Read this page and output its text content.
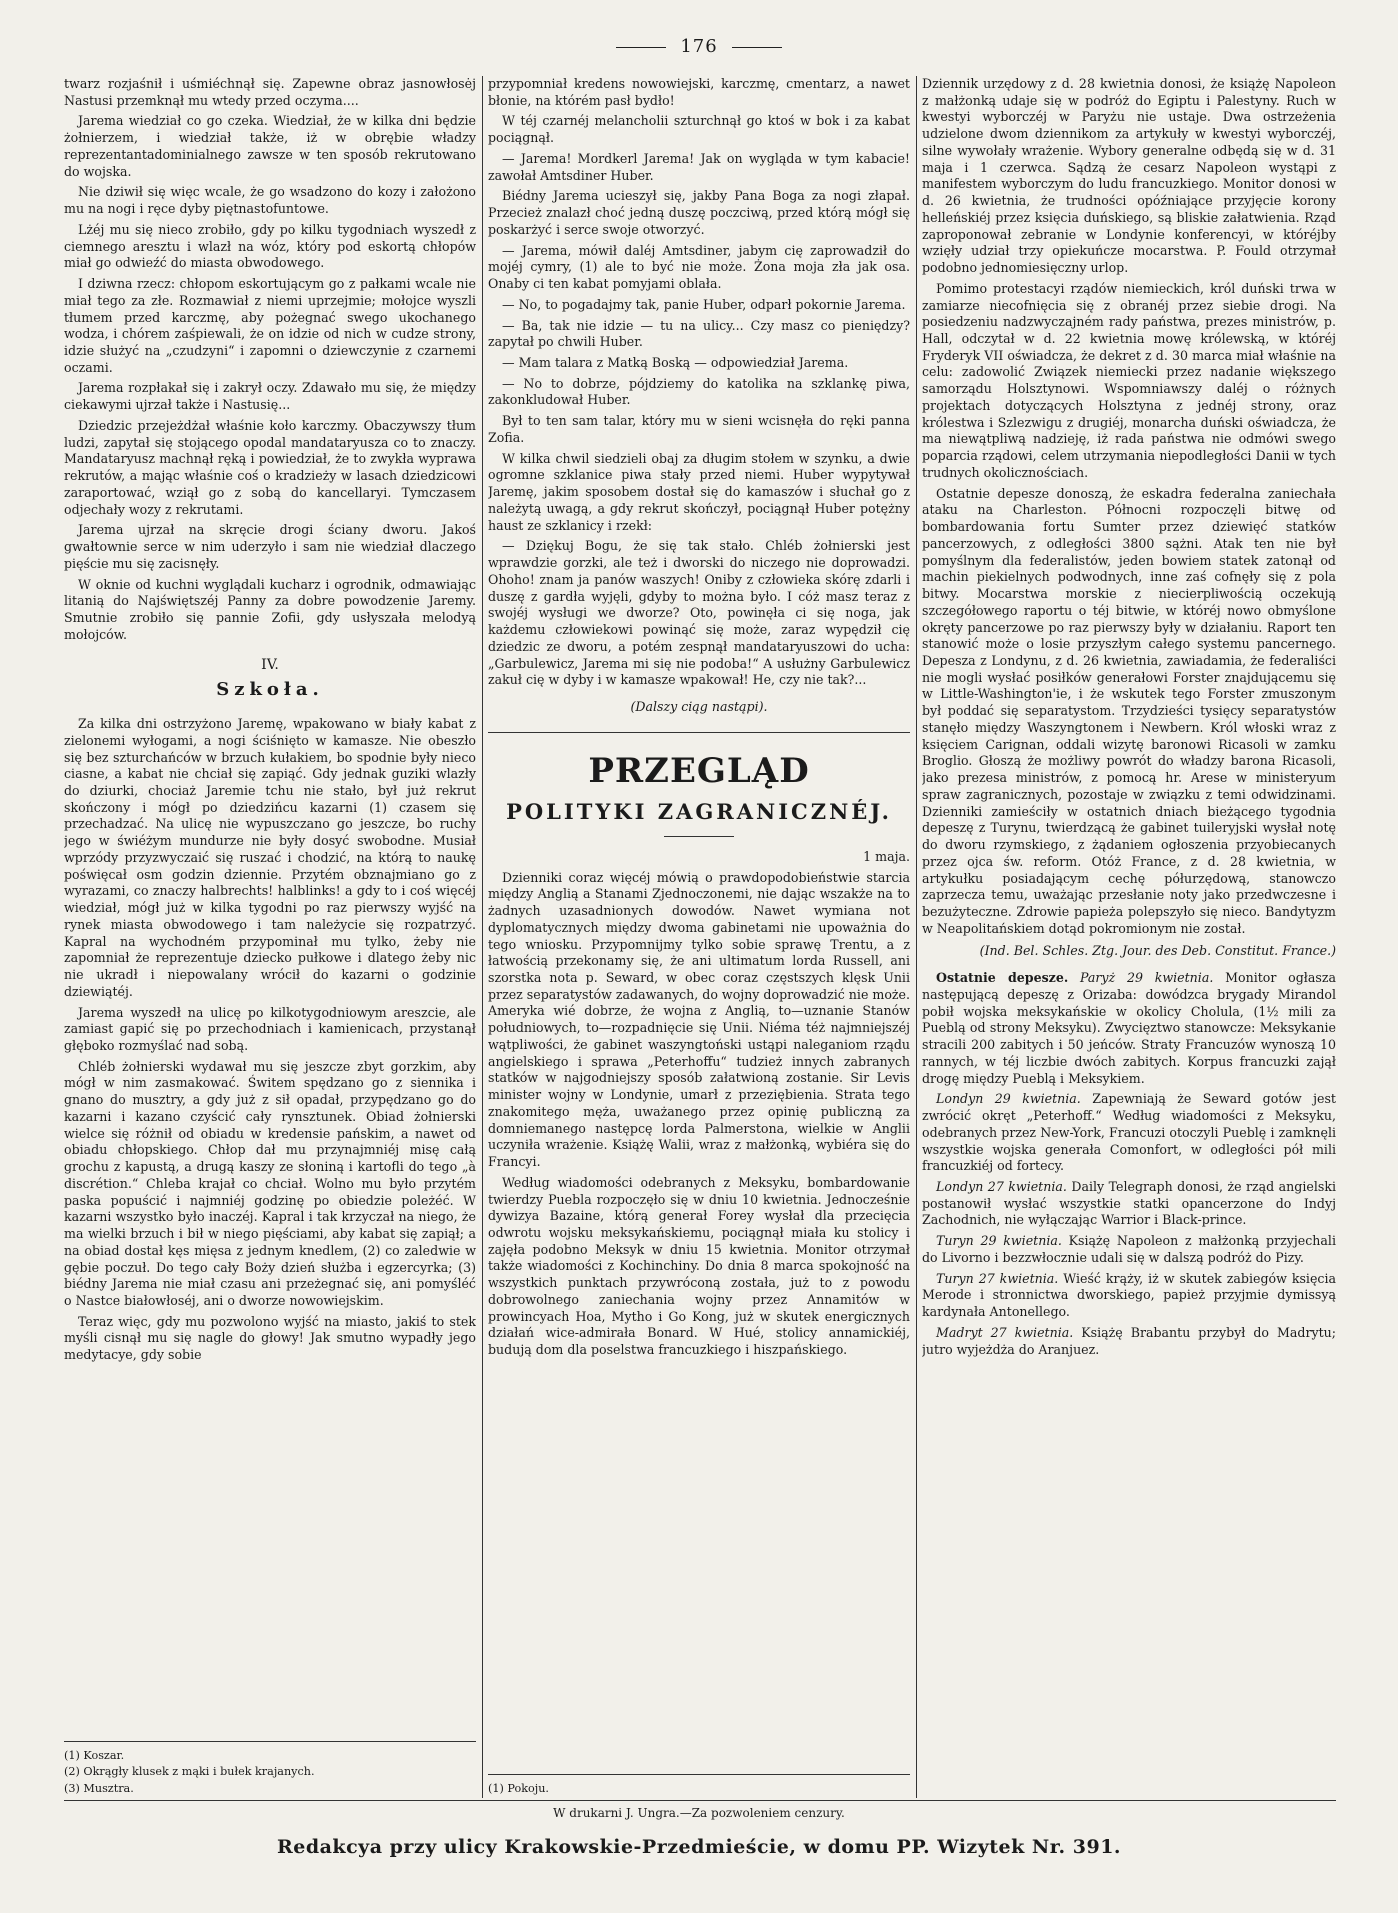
176

twarz rozjaśnił i uśmiéchnął się. Zapewne obraz jasnowłosėj Nastusi przemknął mu wtedy przed oczyma....

Jarema wiedział co go czeka. Wiedział, że w kilka dni będzie żołnierzem, i wiedział także, iż w obrębie władzy reprezentantadominialnego zawsze w ten sposób rekrutowano do wojska.

Nie dziwił się więc wcale, że go wsadzono do kozy i założono mu na nogi i ręce dyby piętnastofuntowe.

Lżéj mu się nieco zrobiło, gdy po kilku tygodniach wyszedł z ciemnego aresztu i wlazł na wóz, który pod eskortą chłopów miał go odwieźć do miasta obwodowego.

I dziwna rzecz: chłopom eskortującym go z pałkami wcale nie miał tego za złe. Rozmawiał z niemi uprzejmie; mołojce wyszli tłumem przed karczmę, aby pożegnać swego ukochanego wodza, i chórem zaśpiewali, że on idzie od nich w cudze strony, idzie służyć na „czudzyni“ i zapomni o dziewczynie z czarnemi oczami.

Jarema rozpłakał się i zakrył oczy. Zdawało mu się, że między ciekawymi ujrzał także i Nastusię...

Dziedzic przejeżdżał właśnie koło karczmy. Obaczywszy tłum ludzi, zapytał się stojącego opodal mandataryusza co to znaczy. Mandataryusz machnął ręką i powiedział, że to zwykła wyprawa rekrutów, a mając właśnie coś o kradzieży w lasach dziedzicowi zaraportować, wziął go z sobą do kancellaryi. Tymczasem odjechały wozy z rekrutami.

Jarema ujrzał na skręcie drogi ściany dworu. Jakoś gwałtownie serce w nim uderzyło i sam nie wiedział dlaczego pięście mu się zacisnęły.

W oknie od kuchni wyglądali kucharz i ogrodnik, odmawiając litanią do Najświętszéj Panny za dobre powodzenie Jaremy. Smutnie zrobiło się pannie Zofii, gdy usłyszała melodyą mołojców.

IV.
Szkoła.

Za kilka dni ostrzyżono Jaremę, wpakowano w biały kabat z zielonemi wyłogami, a nogi ściśnięto w kamasze. Nie obeszło się bez szturchańców w brzuch kułakiem, bo spodnie były nieco ciasne, a kabat nie chciał się zapiąć. Gdy jednak guziki wlazły do dziurki, chociaż Jaremie tchu nie stało, był już rekrut skończony i mógł po dziedzińcu kazarni (1) czasem się przechadzać. Na ulicę nie wypuszczano go jeszcze, bo ruchy jego w świéżym mundurze nie były dosyć swobodne. Musiał wprzódy przyzwyczaić się ruszać i chodzić, na którą to naukę poświęcał osm godzin dziennie. Przytém obznajmiano go z wyrazami, co znaczy halbrechts! halblinks! a gdy to i coś więcéj wiedział, mógł już w kilka tygodni po raz pierwszy wyjść na rynek miasta obwodowego i tam należycie się rozpatrzyć. Kapral na wychodném przypominał mu tylko, żeby nie zapomniał że reprezentuje dziecko pułkowe i dlatego żeby nic nie ukradł i niepowalany wrócił do kazarni o godzinie dziewiątéj.

Jarema wyszedł na ulicę po kilkotygodniowym areszcie, ale zamiast gapić się po przechodniach i kamienicach, przystanął głęboko rozmyślać nad sobą.

Chléb żołnierski wydawał mu się jeszcze zbyt gorzkim, aby mógł w nim zasmakować. Świtem spędzano go z siennika i gnano do musztry, a gdy już z sił opadał, przypędzano go do kazarni i kazano czyścić cały rynsztunek. Obiad żołnierski wielce się różnił od obiadu w kredensie pańskim, a nawet od obiadu chłopskiego. Chłop dał mu przynajmniéj misę całą grochu z kapustą, a drugą kaszy ze słoniną i kartofli do tego „à discrétion.“ Chleba krajał co chciał. Wolno mu było przytém paska popuścić i najmniéj godzinę po obiedzie poleżéć. W kazarni wszystko było inaczéj. Kapral i tak krzyczał na niego, że ma wielki brzuch i bił w niego pięściami, aby kabat się zapiął; a na obiad dostał kęs mięsa z jednym knedlem, (2) co zaledwie w gębie poczuł. Do tego cały Boży dzień służba i egzercyrka; (3) biédny Jarema nie miał czasu ani przeżegnać się, ani pomyśléć o Nastce białowłoséj, ani o dworze nowowiejskim.

Teraz więc, gdy mu pozwolono wyjść na miasto, jakiś to stek myśli cisnął mu się nagle do głowy! Jak smutno wypadły jego medytacye, gdy sobie

(1) Koszar.
(2) Okrągły klusek z mąki i bułek krajanych.
(3) Musztra.

przypomniał kredens nowowiejski, karczmę, cmentarz, a nawet błonie, na którém pasł bydło!

W téj czarnéj melancholii szturchnął go ktoś w bok i za kabat pociągnął.

— Jarema! Mordkerl Jarema! Jak on wygląda w tym kabacie! zawołał Amtsdiner Huber.

Biédny Jarema ucieszył się, jakby Pana Boga za nogi złapał. Przecież znalazł choć jedną duszę poczciwą, przed którą mógł się poskarżyć i serce swoje otworzyć.

— Jarema, mówił daléj Amtsdiner, jabym cię zaprowadził do mojéj cymry, (1) ale to być nie może. Żona moja zła jak osa. Onaby ci ten kabat pomyjami oblała.

— No, to pogadajmy tak, panie Huber, odparł pokornie Jarema.

— Ba, tak nie idzie — tu na ulicy... Czy masz co pieniędzy? zapytał po chwili Huber.

— Mam talara z Matką Boską — odpowiedział Jarema.

— No to dobrze, pójdziemy do katolika na szklankę piwa, zakonkludował Huber.

Był to ten sam talar, który mu w sieni wcisnęła do ręki panna Zofia.

W kilka chwil siedzieli obaj za długim stołem w szynku, a dwie ogromne szklanice piwa stały przed niemi. Huber wypytywał Jaremę, jakim sposobem dostał się do kamaszów i słuchał go z należytą uwagą, a gdy rekrut skończył, pociągnął Huber potężny haust ze szklanicy i rzekł:

— Dziękuj Bogu, że się tak stało. Chléb żołnierski jest wprawdzie gorzki, ale też i dworski do niczego nie doprowadzi. Ohoho! znam ja panów waszych! Oniby z człowieka skórę zdarli i duszę z gardła wyjęli, gdyby to można było. I cóż masz teraz z swojéj wysługi we dworze? Oto, powinęła ci się noga, jak każdemu człowiekowi powinąć się może, zaraz wypędził cię dziedzic ze dworu, a potém zespnął mandataryuszowi do ucha: „Garbulewicz, Jarema mi się nie podoba!“ A usłużny Garbulewicz zakuł cię w dyby i w kamasze wpakował! He, czy nie tak?...

(Dalszy ciąg nastąpi).
PRZEGLĄD
POLITYKI ZAGRANICZNÉJ.
1 maja.

Dzienniki coraz więcéj mówią o prawdopodobieństwie starcia między Anglią a Stanami Zjednoczonemi, nie dając wszakże na to żadnych uzasadnionych dowodów. Nawet wymiana not dyplomatycznych między dwoma gabinetami nie upoważnia do tego wniosku. Przypomnijmy tylko sobie sprawę Trentu, a z łatwością przekonamy się, że ani ultimatum lorda Russell, ani szorstka nota p. Seward, w obec coraz częstszych klęsk Unii przez separatystów zadawanych, do wojny doprowadzić nie może. Ameryka wié dobrze, że wojna z Anglią, to—uznanie Stanów południowych, to—rozpadnięcie się Unii. Niéma téż najmniejszéj wątpliwości, że gabinet waszyngtoński ustąpi naleganiom rządu angielskiego i sprawa „Peterhoffu“ tudzież innych zabranych statków w najgodniejszy sposób załatwioną zostanie. Sir Levis minister wojny w Londynie, umarł z przeziębienia. Strata tego znakomitego męża, uważanego przez opinię publiczną za domniemanego następcę lorda Palmerstona, wielkie w Anglii uczyniła wrażenie. Książę Walii, wraz z małżonką, wybiéra się do Francyi.

Według wiadomości odebranych z Meksyku, bombardowanie twierdzy Puebla rozpoczęło się w dniu 10 kwietnia. Jednocześnie dywizya Bazaine, którą generał Forey wysłał dla przecięcia odwrotu wojsku meksykańskiemu, pociągnął miała ku stolicy i zajęła podobno Meksyk w dniu 15 kwietnia. Monitor otrzymał także wiadomości z Kochinchiny. Do dnia 8 marca spokojność na wszystkich punktach przywróconą została, już to z powodu dobrowolnego zaniechania wojny przez Annamitów w prowincyach Hoa, Mytho i Go Kong, już w skutek energicznych działań wice-admirała Bonard. W Hué, stolicy annamickiéj, budują dom dla poselstwa francuzkiego i hiszpańskiego.

(1) Pokoju.

Dziennik urzędowy z d. 28 kwietnia donosi, że książę Napoleon z małżonką udaje się w podróż do Egiptu i Palestyny. Ruch w kwestyi wyborczéj w Paryżu nie ustaje. Dwa ostrzeżenia udzielone dwom dziennikom za artykuły w kwestyi wyborczéj, silne wywołały wrażenie. Wybory generalne odbędą się w d. 31 maja i 1 czerwca. Sądzą że cesarz Napoleon wystąpi z manifestem wyborczym do ludu francuzkiego. Monitor donosi w d. 26 kwietnia, że trudności opóźniające przyjęcie korony helleńskiéj przez księcia duńskiego, są bliskie załatwienia. Rząd zaproponował zebranie w Londynie konferencyi, w któréjby wzięły udział trzy opiekuńcze mocarstwa. P. Fould otrzymał podobno jednomiesięczny urlop.

Pomimo protestacyi rządów niemieckich, król duński trwa w zamiarze niecofnięcia się z obranéj przez siebie drogi. Na posiedzeniu nadzwyczajném rady państwa, prezes ministrów, p. Hall, odczytał w d. 22 kwietnia mowę królewską, w któréj Fryderyk VII oświadcza, że dekret z d. 30 marca miał właśnie na celu: zadowolić Związek niemiecki przez nadanie większego samorządu Holsztynowi. Wspomniawszy daléj o różnych projektach dotyczących Holsztyna z jednéj strony, oraz królestwa i Szlezwigu z drugiéj, monarcha duński oświadcza, że ma niewątpliwą nadzieję, iż rada państwa nie odmówi swego poparcia rządowi, celem utrzymania niepodległości Danii w tych trudnych okolicznościach.

Ostatnie depesze donoszą, że eskadra federalna zaniechała ataku na Charleston. Północni rozpoczęli bitwę od bombardowania fortu Sumter przez dziewięć statków pancerzowych, z odległości 3800 sążni. Atak ten nie był pomyślnym dla federalistów, jeden bowiem statek zatonął od machin piekielnych podwodnych, inne zaś cofnęły się z pola bitwy. Mocarstwa morskie z niecierpliwością oczekują szczegółowego raportu o téj bitwie, w któréj nowo obmyślone okręty pancerzowe po raz pierwszy były w działaniu. Raport ten stanowić może o losie przyszłym całego systemu pancernego. Depesza z Londynu, z d. 26 kwietnia, zawiadamia, że federaliści nie mogli wysłać posiłków generałowi Forster znajdującemu się w Little-Washington'ie, i że wskutek tego Forster zmuszonym był poddać się separatystom. Trzydzieści tysięcy separatystów stanęło między Waszyngtonem i Newbern. Król włoski wraz z księciem Carignan, oddali wizytę baronowi Ricasoli w zamku Broglio. Głoszą że możliwy powrót do władzy barona Ricasoli, jako prezesa ministrów, z pomocą hr. Arese w ministeryum spraw zagranicznych, pozostaje w związku z temi odwidzinami. Dzienniki zamieściły w ostatnich dniach bieżącego tygodnia depeszę z Turynu, twierdzącą że gabinet tuileryjski wysłał notę do dworu rzymskiego, z żądaniem ogłoszenia przyobiecanych przez ojca św. reform. Otóż France, z d. 28 kwietnia, w artykułku posiadającym cechę półurzędową, stanowczo zaprzecza temu, uważając przesłanie noty jako przedwczesne i bezużyteczne. Zdrowie papieża polepszyło się nieco. Bandytyzm w Neapolitańskiem dotąd pokromionym nie został.

(Ind. Bel. Schles. Ztg. Jour. des Deb. Constitut. France.)

Ostatnie depesze. Paryż 29 kwietnia. Monitor ogłasza następującą depeszę z Orizaba: dowódzca brygady Mirandol pobił wojska meksykańskie w okolicy Cholula, (1½ mili za Pueblą od strony Meksyku). Zwycięztwo stanowcze: Meksykanie stracili 200 zabitych i 50 jeńców. Straty Francuzów wynoszą 10 rannych, w téj liczbie dwóch zabitych. Korpus francuzki zajął drogę między Pueblą i Meksykiem.

Londyn 29 kwietnia. Zapewniają że Seward gotów jest zwrócić okręt „Peterhoff.“ Według wiadomości z Meksyku, odebranych przez New-York, Francuzi otoczyli Pueblę i zamknęli wszystkie wojska generała Comonfort, w odległości pół mili francuzkiéj od fortecy.

Londyn 27 kwietnia. Daily Telegraph donosi, że rząd angielski postanowił wysłać wszystkie statki opancerzone do Indyj Zachodnich, nie wyłączając Warrior i Black-prince.

Turyn 29 kwietnia. Książę Napoleon z małżonką przyjechali do Livorno i bezzwłocznie udali się w dalszą podróż do Pizy.

Turyn 27 kwietnia. Wieść krąży, iż w skutek zabiegów księcia Merode i stronnictwa dworskiego, papież przyjmie dymissyą kardynała Antonellego.

Madryt 27 kwietnia. Książę Brabantu przybył do Madrytu; jutro wyjeżdża do Aranjuez.

W drukarni J. Ungra.—Za pozwoleniem cenzury.
Redakcya przy ulicy Krakowskie-Przedmieście, w domu PP. Wizytek Nr. 391.
